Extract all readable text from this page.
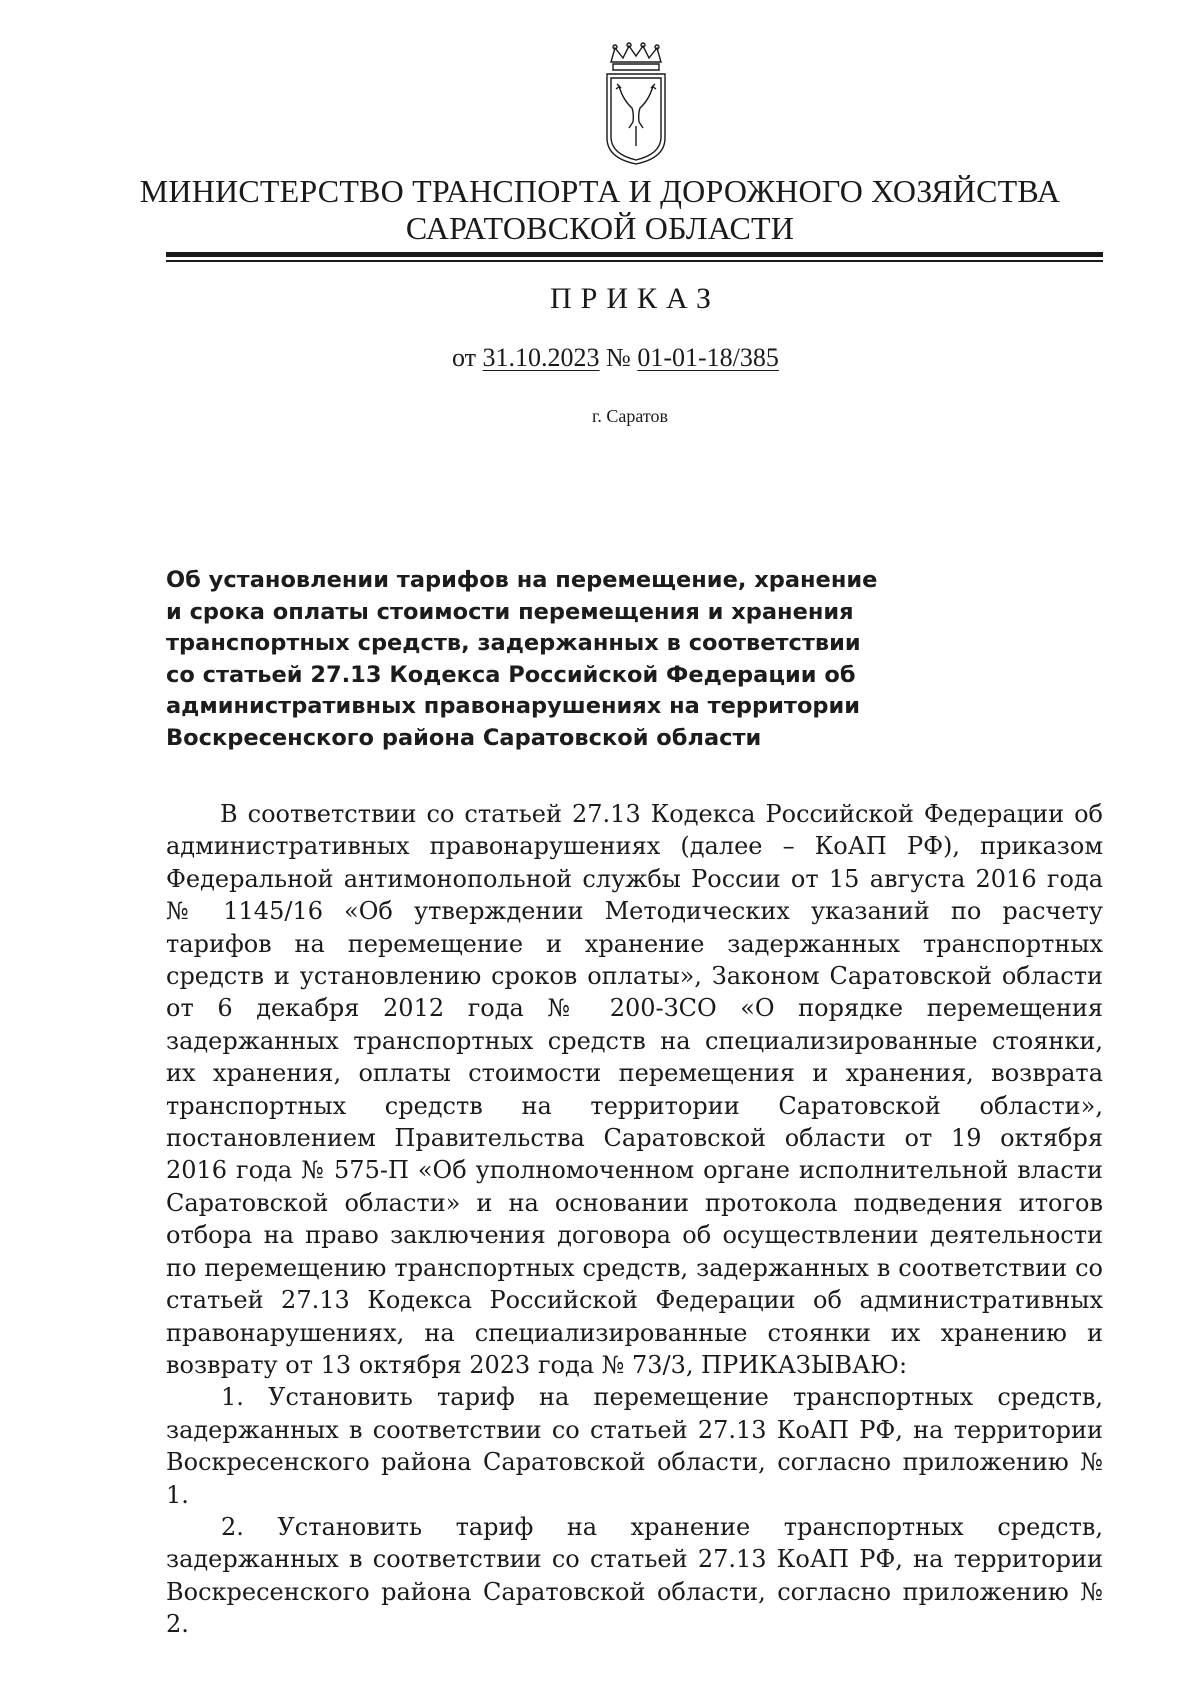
МИНИСТЕРСТВО ТРАНСПОРТА И ДОРОЖНОГО ХОЗЯЙСТВА
САРАТОВСКОЙ ОБЛАСТИ
ПРИКАЗ
от 31.10.2023 № 01-01-18/385
г. Саратов
Об установлении тарифов на перемещение, хранение
и срока оплаты стоимости перемещения и хранения
транспортных средств, задержанных в соответствии
со статьей 27.13 Кодекса Российской Федерации об
административных правонарушениях на территории
Воскресенского района Саратовской области

В соответствии со статьей 27.13 Кодекса Российской Федерации об административных правонарушениях (далее – КоАП РФ), приказом Федеральной антимонопольной службы России от 15 августа 2016 года № 1145/16 «Об утверждении Методических указаний по расчету тарифов на перемещение и хранение задержанных транспортных средств и установлению сроков оплаты», Законом Саратовской области от 6 декабря 2012 года № 200-ЗСО «О порядке перемещения задержанных транспортных средств на специализированные стоянки, их хранения, оплаты стоимости перемещения и хранения, возврата транспортных средств на территории Саратовской области», постановлением Правительства Саратовской области от 19 октября 2016 года № 575-П «Об уполномоченном органе исполнительной власти Саратовской области» и на основании протокола подведения итогов отбора на право заключения договора об осуществлении деятельности по перемещению транспортных средств, задержанных в соответствии со статьей 27.13 Кодекса Российской Федерации об административных правонарушениях, на специализированные стоянки их хранению и возврату от 13 октября 2023 года № 73/3, ПРИКАЗЫВАЮ:

1. Установить тариф на перемещение транспортных средств, задержанных в соответствии со статьей 27.13 КоАП РФ, на территории Воскресенского района Саратовской области, согласно приложению № 1.

2. Установить тариф на хранение транспортных средств, задержанных в соответствии со статьей 27.13 КоАП РФ, на территории Воскресенского района Саратовской области, согласно приложению № 2.
